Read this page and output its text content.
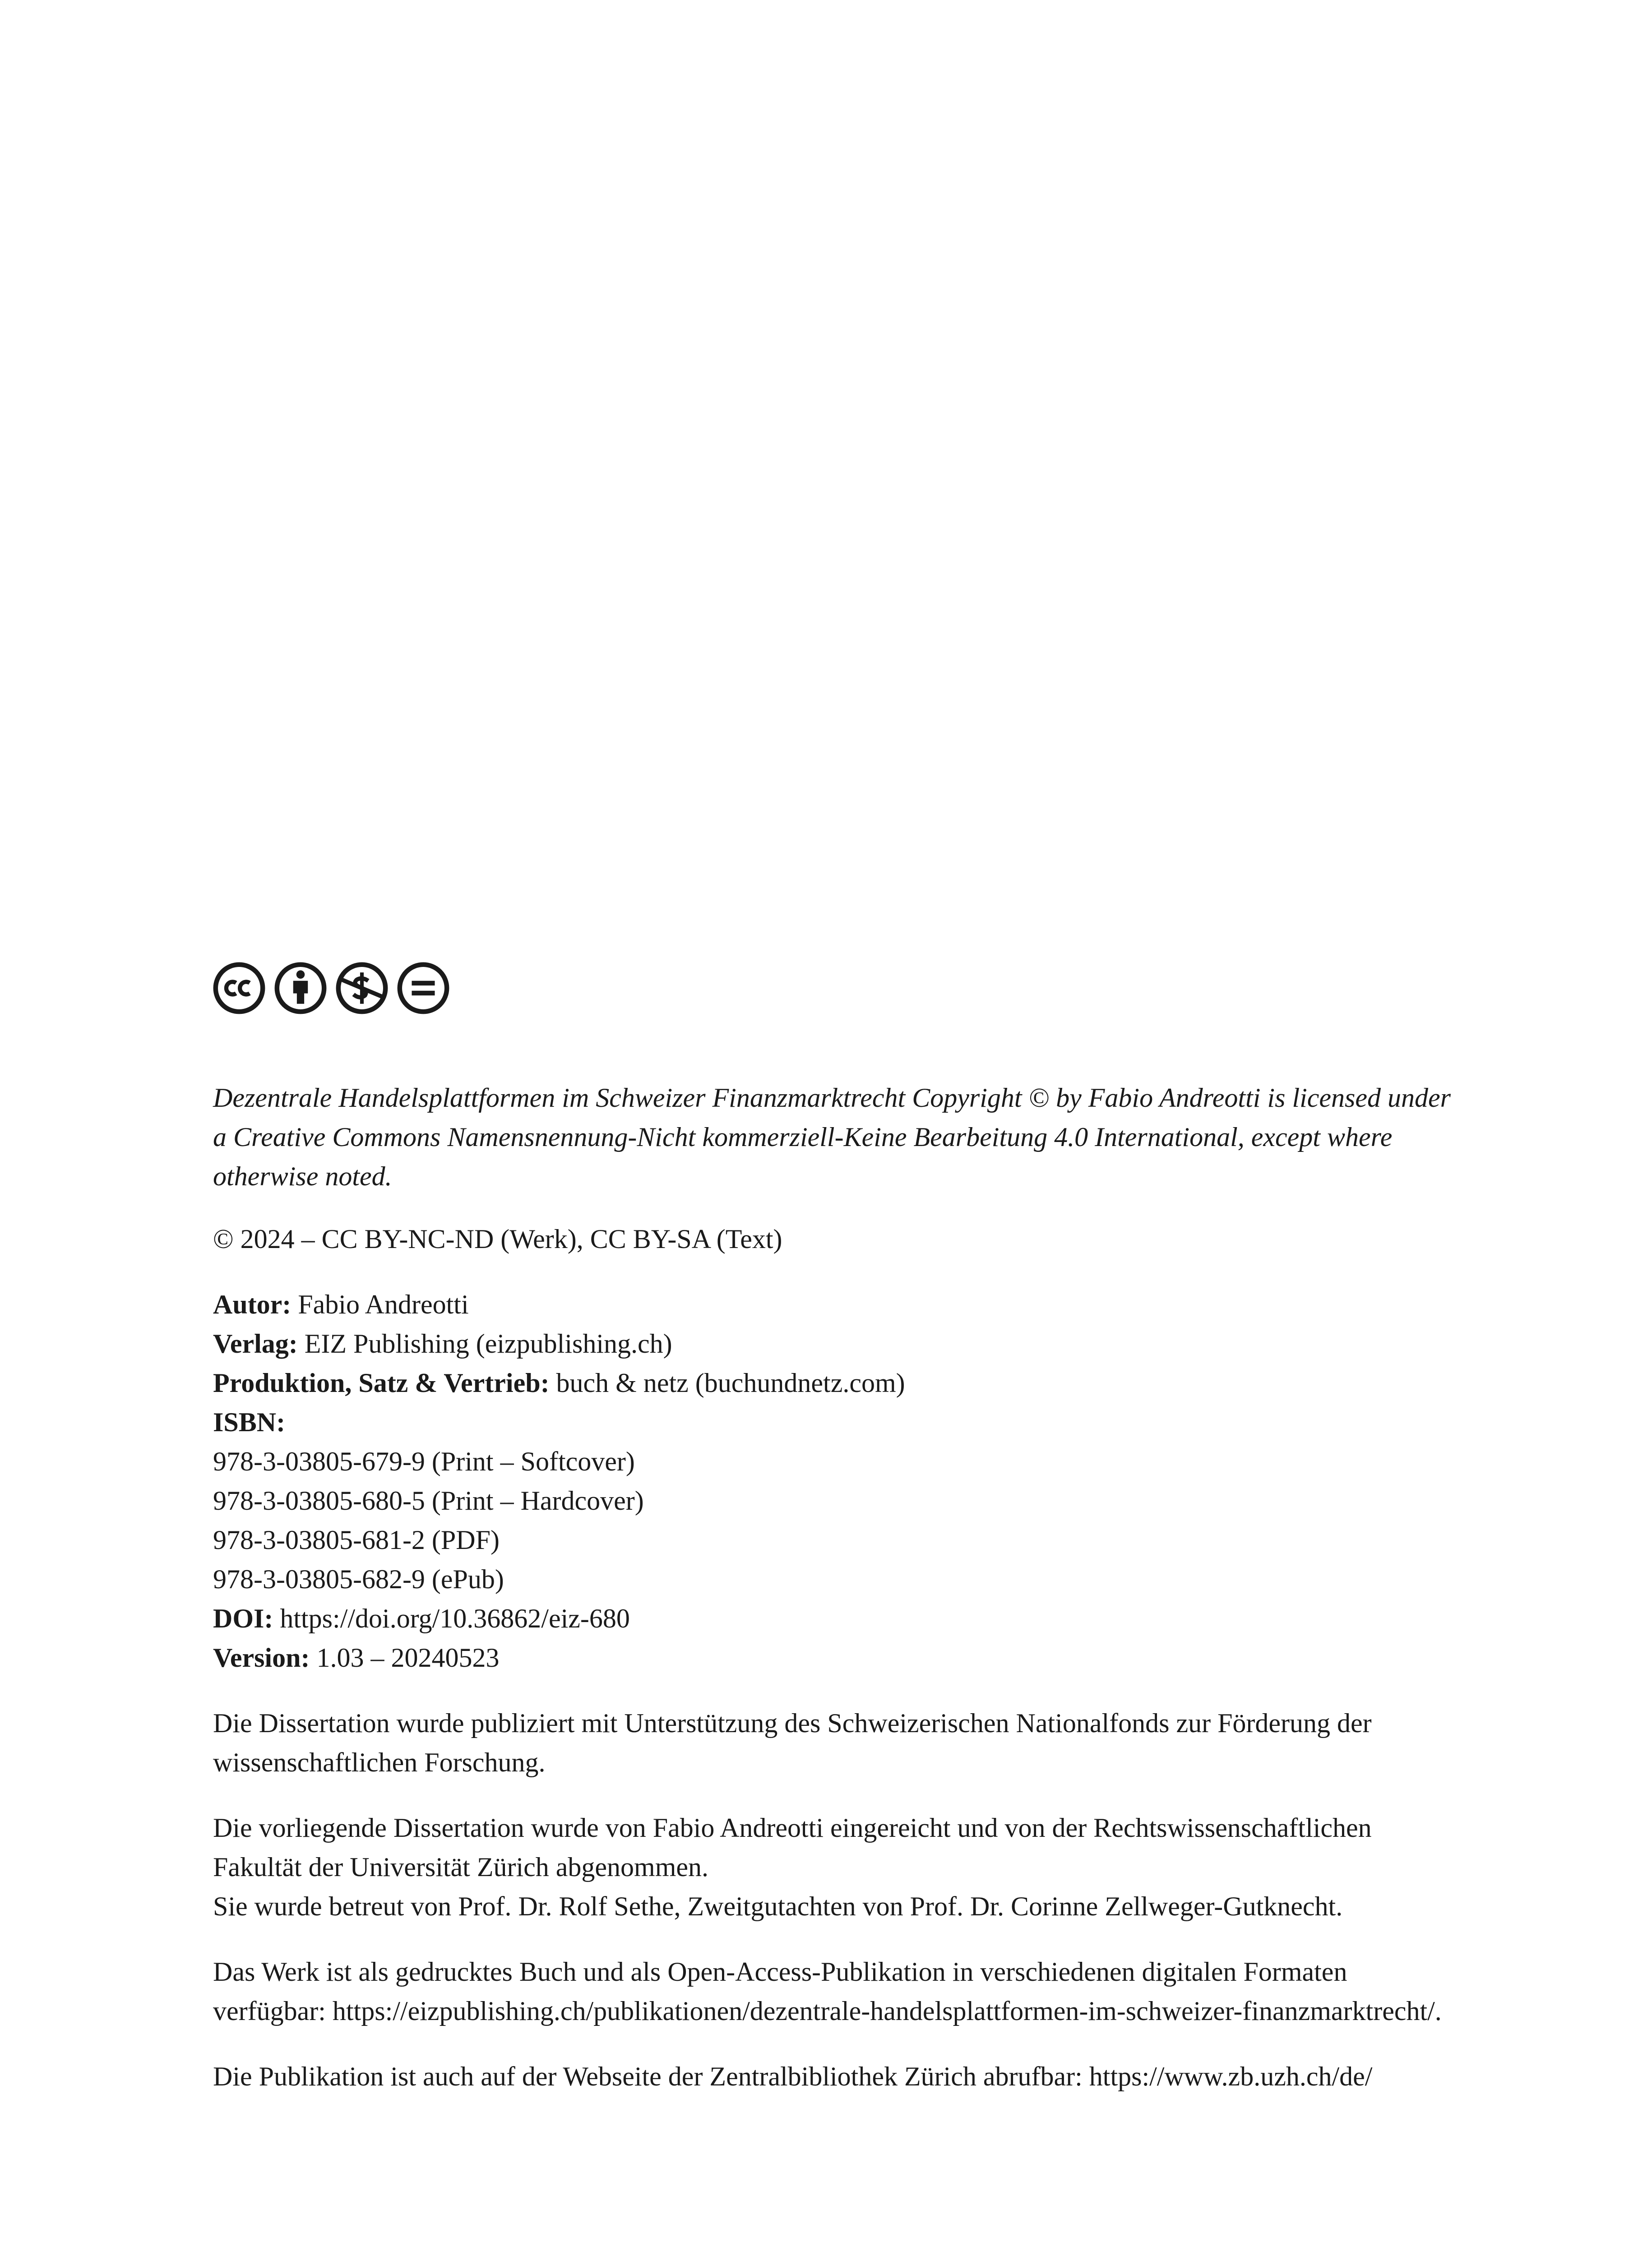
Dezentrale Handelsplattformen im Schweizer Finanzmarktrecht Copyright © by Fabio Andreotti is licensed under a Creative Commons Namensnennung-Nicht kommerziell-Keine Bearbeitung 4.0 International, except where otherwise noted.

© 2024 – CC BY-NC-ND (Werk), CC BY-SA (Text)

Autor: Fabio Andreotti
Verlag: EIZ Publishing (eizpublishing.ch)
Produktion, Satz & Vertrieb: buch & netz (buchundnetz.com)
ISBN:
978-3-03805-679-9 (Print – Softcover)
978-3-03805-680-5 (Print – Hardcover)
978-3-03805-681-2 (PDF)
978-3-03805-682-9 (ePub)
DOI: https://doi.org/10.36862/eiz-680
Version: 1.03 – 20240523

Die Dissertation wurde publiziert mit Unterstützung des Schweizerischen Nationalfonds zur Förderung der wissenschaftlichen Forschung.

Die vorliegende Dissertation wurde von Fabio Andreotti eingereicht und von der Rechtswissenschaftlichen Fakultät der Universität Zürich abgenommen.
Sie wurde betreut von Prof. Dr. Rolf Sethe, Zweitgutachten von Prof. Dr. Corinne Zellweger-Gutknecht.

Das Werk ist als gedrucktes Buch und als Open-Access-Publikation in verschiedenen digitalen Formaten verfügbar: https://eizpublishing.ch/publikationen/dezentrale-handelsplattformen-im-schweizer-finanzmarktrecht/.

Die Publikation ist auch auf der Webseite der Zentralbibliothek Zürich abrufbar: https://www.zb.uzh.ch/de/
